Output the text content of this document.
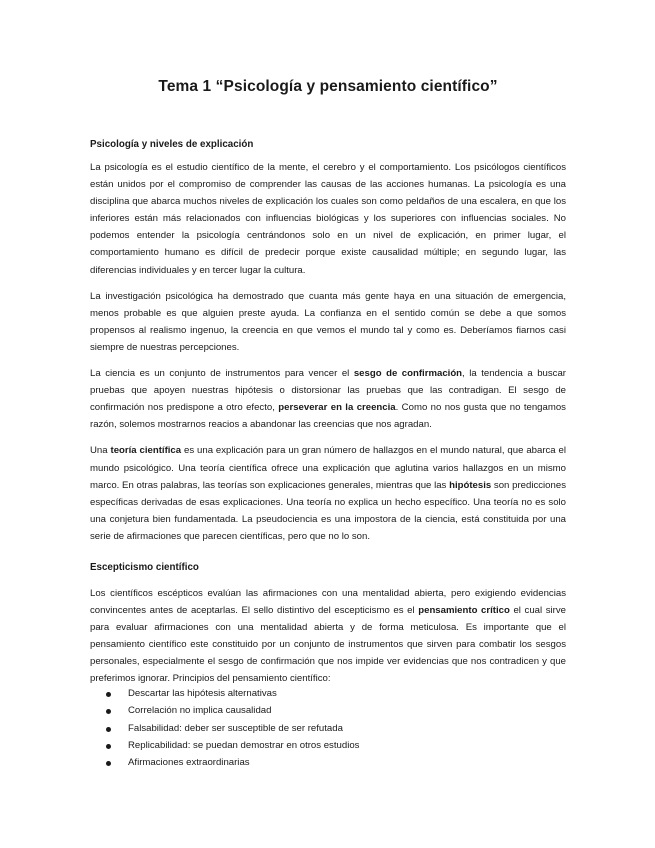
Tema 1 “Psicología y pensamiento científico”
Psicología y niveles de explicación

La psicología es el estudio científico de la mente, el cerebro y el comportamiento. Los psicólogos científicos están unidos por el compromiso de comprender las causas de las acciones humanas. La psicología es una disciplina que abarca muchos niveles de explicación los cuales son como peldaños de una escalera, en que los inferiores están más relacionados con influencias biológicas y los superiores con influencias sociales. No podemos entender la psicología centrándonos solo en un nivel de explicación, en primer lugar, el comportamiento humano es difícil de predecir porque existe causalidad múltiple; en segundo lugar, las diferencias individuales y en tercer lugar la cultura.

La investigación psicológica ha demostrado que cuanta más gente haya en una situación de emergencia, menos probable es que alguien preste ayuda. La confianza en el sentido común se debe a que somos propensos al realismo ingenuo, la creencia en que vemos el mundo tal y como es. Deberíamos fiarnos casi siempre de nuestras percepciones.

La ciencia es un conjunto de instrumentos para vencer el sesgo de confirmación, la tendencia a buscar pruebas que apoyen nuestras hipótesis o distorsionar las pruebas que las contradigan. El sesgo de confirmación nos predispone a otro efecto, perseverar en la creencia. Como no nos gusta que no tengamos razón, solemos mostrarnos reacios a abandonar las creencias que nos agradan.

Una teoría científica es una explicación para un gran número de hallazgos en el mundo natural, que abarca el mundo psicológico. Una teoría científica ofrece una explicación que aglutina varios hallazgos en un mismo marco. En otras palabras, las teorías son explicaciones generales, mientras que las hipótesis son predicciones específicas derivadas de esas explicaciones. Una teoría no explica un hecho específico. Una teoría no es solo una conjetura bien fundamentada. La pseudociencia es una impostora de la ciencia, está constituida por una serie de afirmaciones que parecen científicas, pero que no lo son.

Escepticismo científico

Los científicos escépticos evalúan las afirmaciones con una mentalidad abierta, pero exigiendo evidencias convincentes antes de aceptarlas. El sello distintivo del escepticismo es el pensamiento crítico el cual sirve para evaluar afirmaciones con una mentalidad abierta y de forma meticulosa. Es importante que el pensamiento científico este constituido por un conjunto de instrumentos que sirven para combatir los sesgos personales, especialmente el sesgo de confirmación que nos impide ver evidencias que nos contradicen y que preferimos ignorar. Principios del pensamiento científico:

Descartar las hipótesis alternativas
Correlación no implica causalidad
Falsabilidad: deber ser susceptible de ser refutada
Replicabilidad: se puedan demostrar en otros estudios
Afirmaciones extraordinarias
